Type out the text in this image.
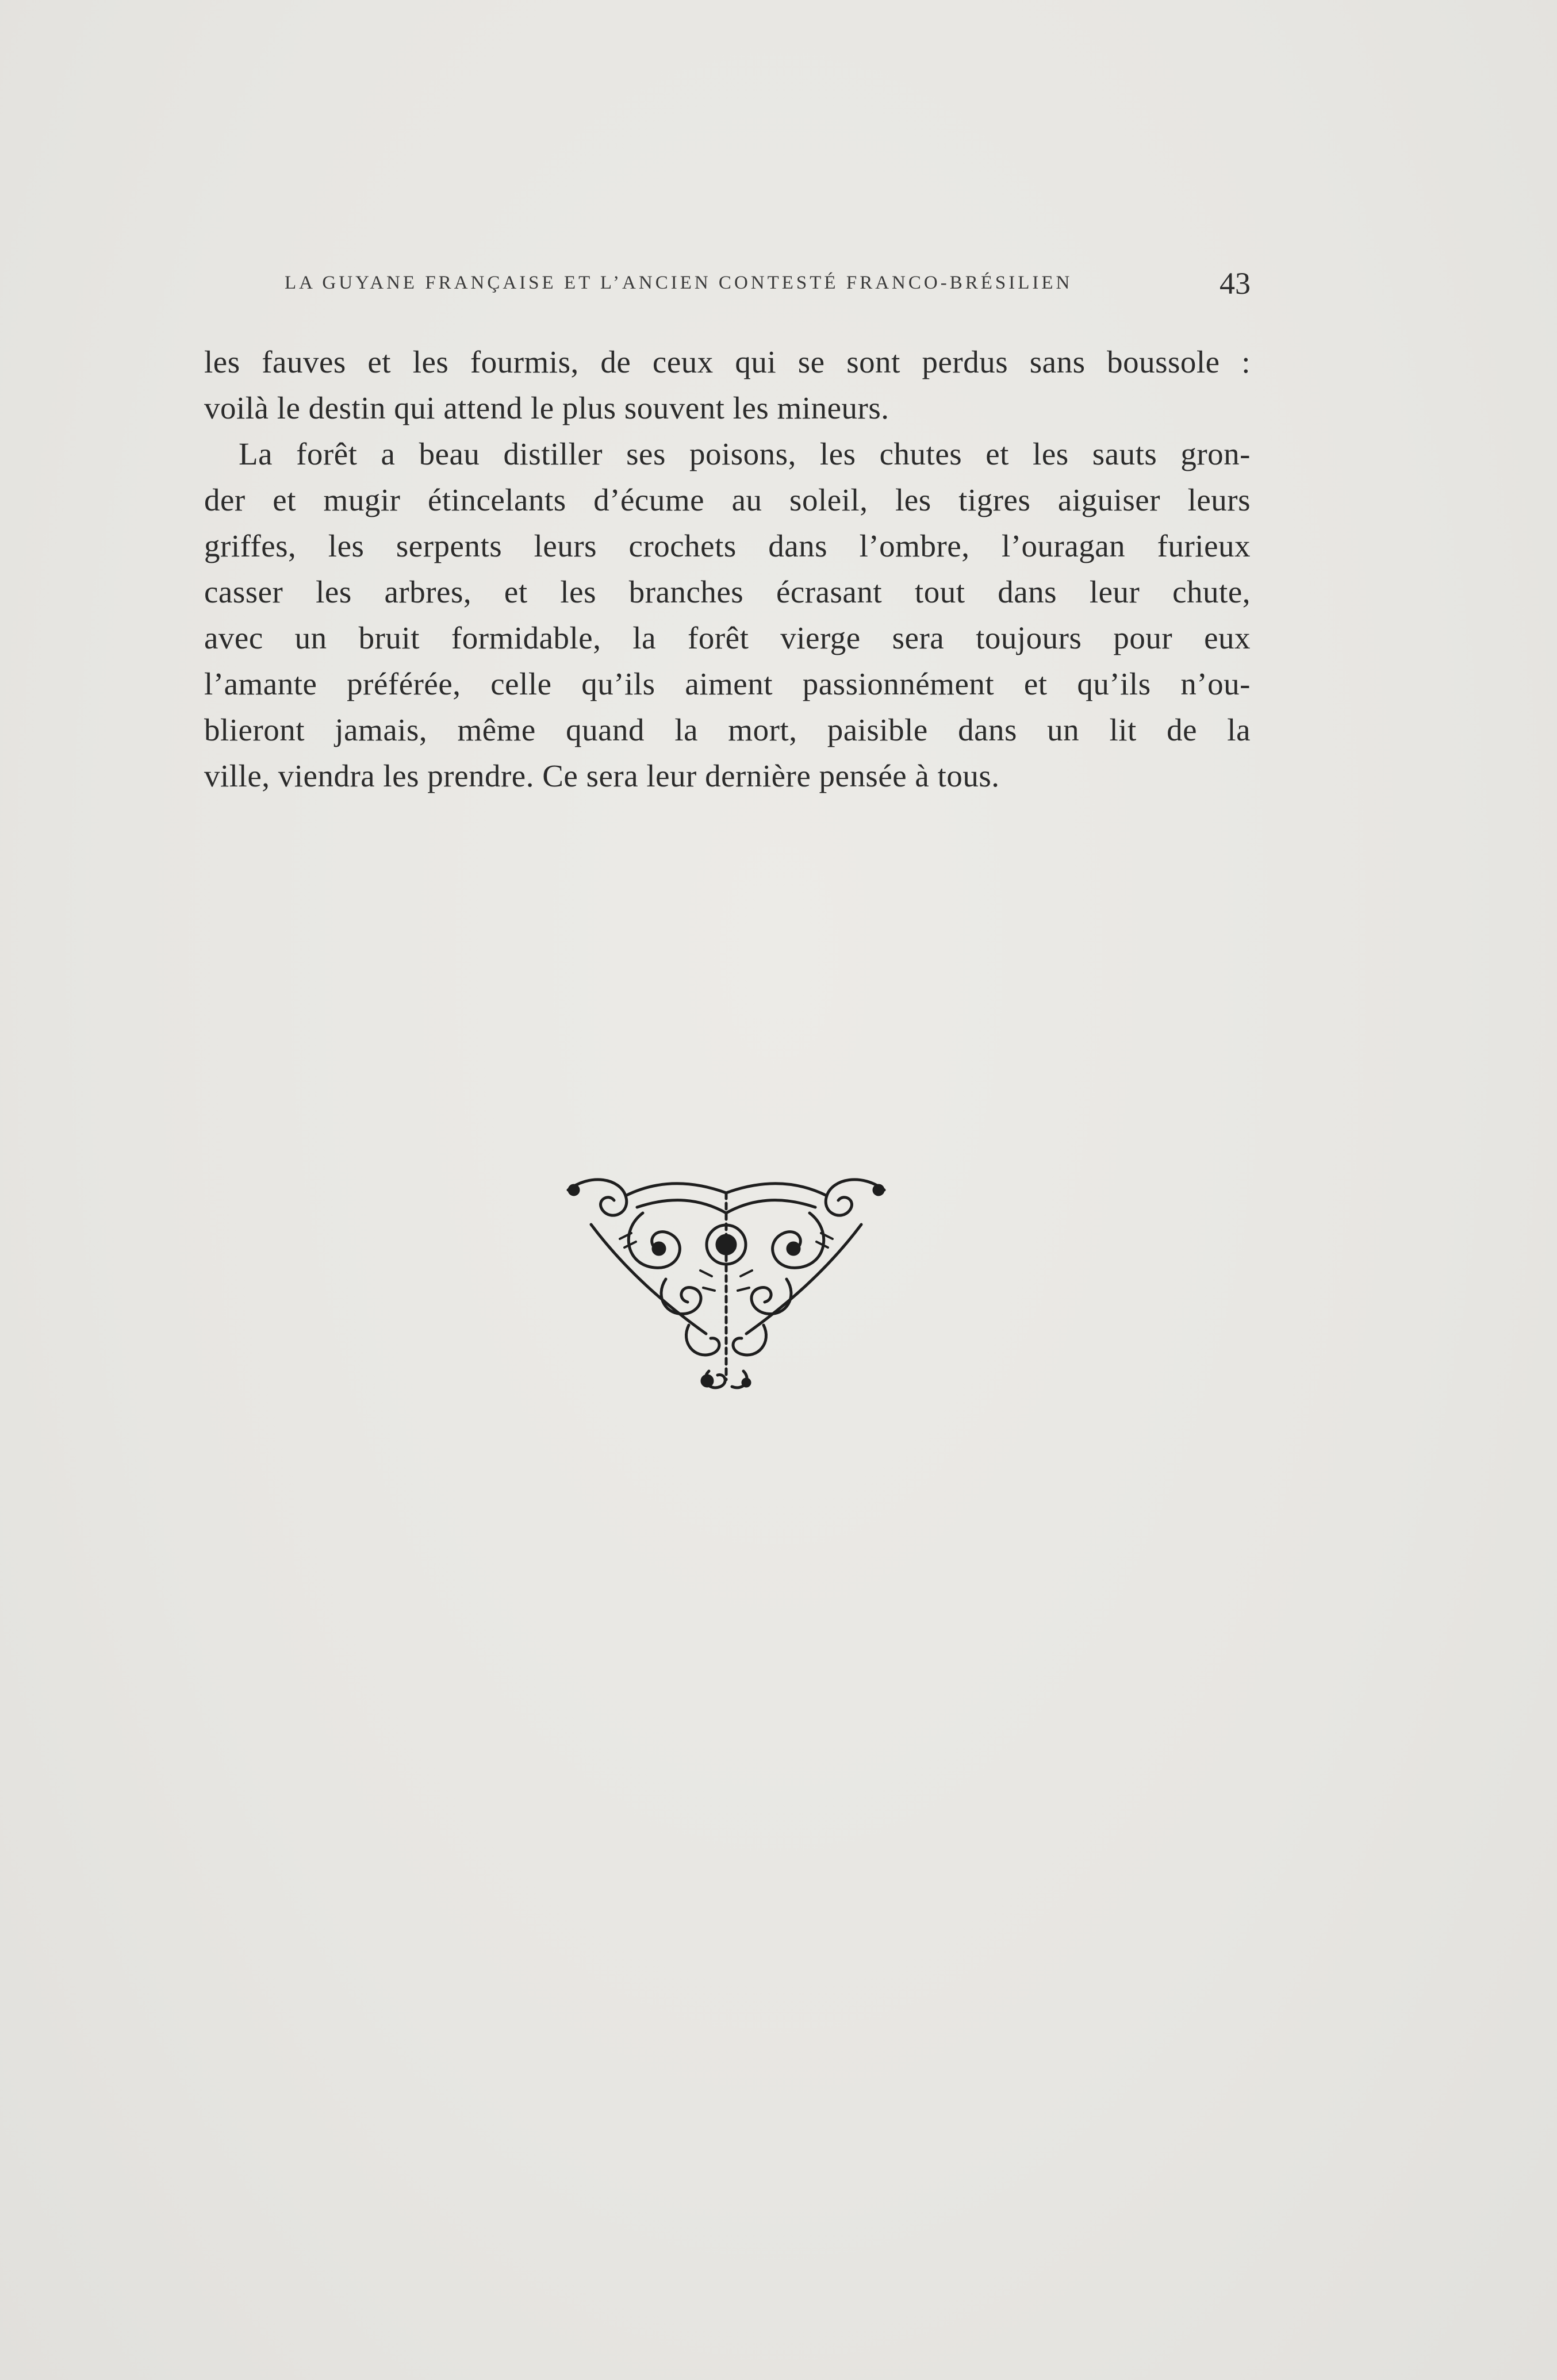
LA GUYANE FRANÇAISE ET L’ANCIEN CONTESTÉ FRANCO-BRÉSILIEN	43
les fauves et les fourmis, de ceux qui se sont perdus sans boussole :
voilà le destin qui attend le plus souvent les mineurs.
La forêt a beau distiller ses poisons, les chutes et les sauts gron-
der et mugir étincelants d’écume au soleil, les tigres aiguiser leurs
griffes, les serpents leurs crochets dans l’ombre, l’ouragan furieux
casser les arbres, et les branches écrasant tout dans leur chute,
avec un bruit formidable, la forêt vierge sera toujours pour eux
l’amante préférée, celle qu’ils aiment passionnément et qu’ils n’ou-
blieront jamais, même quand la mort, paisible dans un lit de la
ville, viendra les prendre. Ce sera leur dernière pensée à tous.
